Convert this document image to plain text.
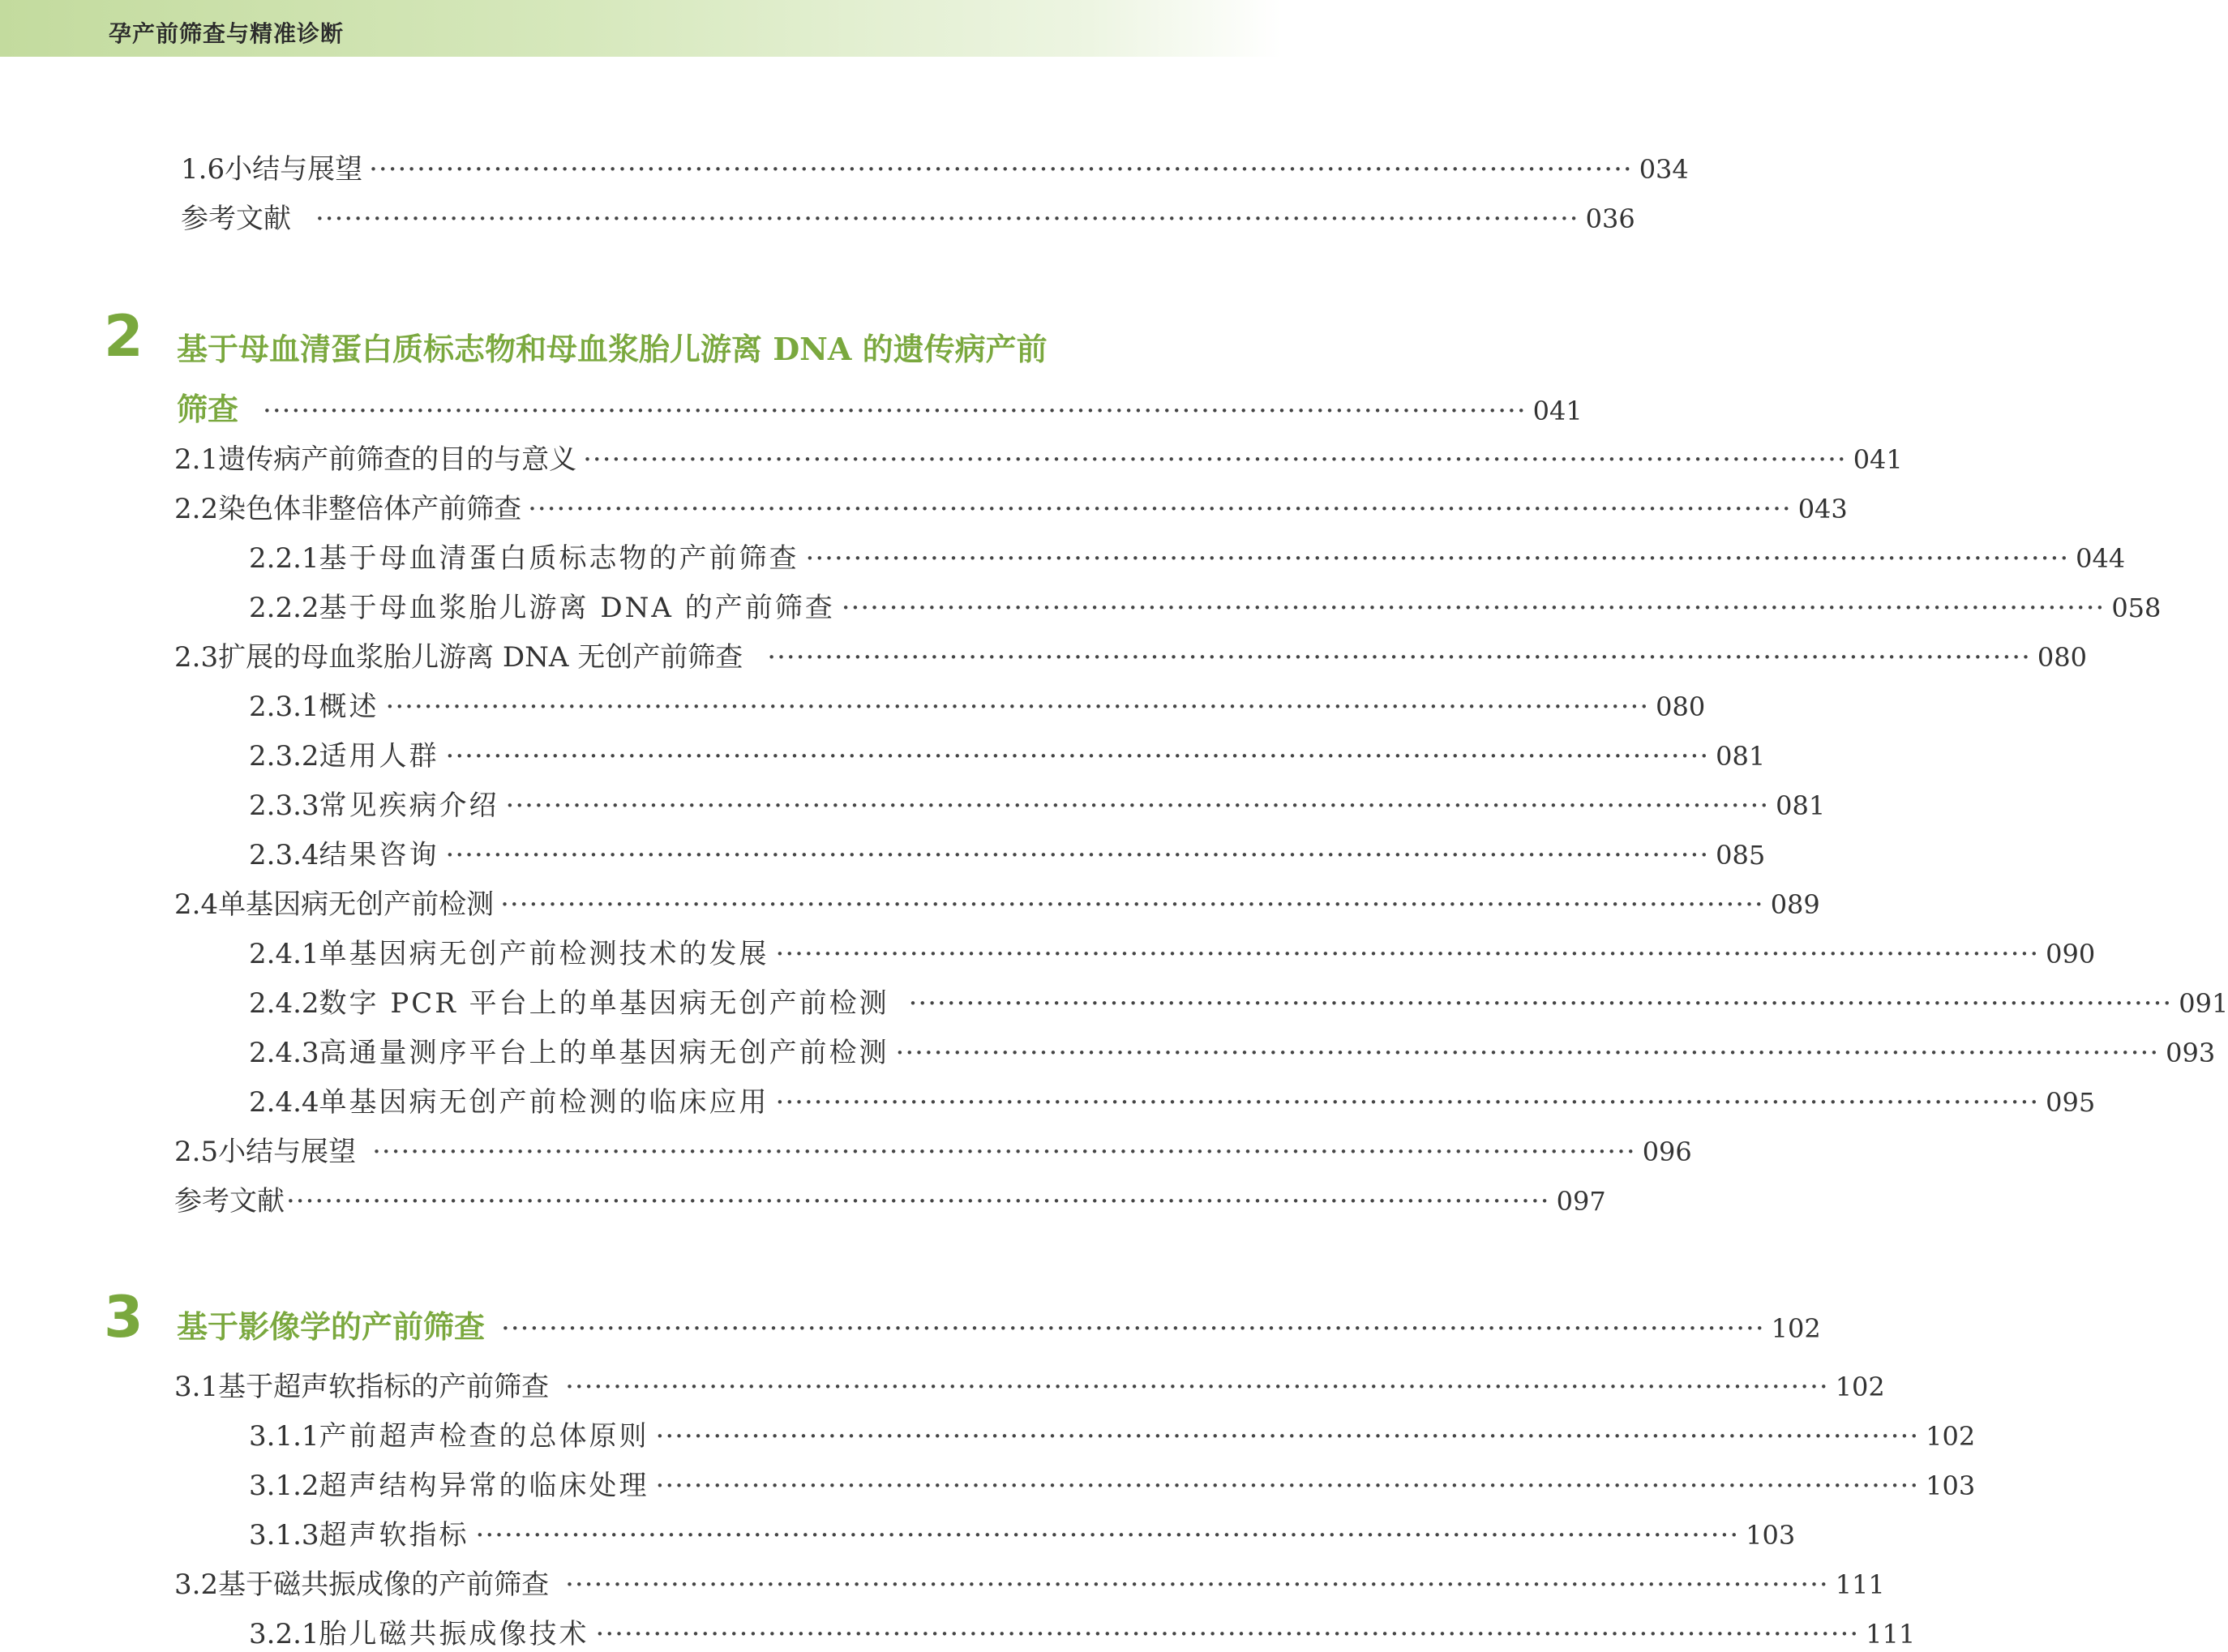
孕产前筛查与精准诊断
1.6 小结与展望 ···································································································································· 034
参考文献 ···································································································································· 036
2 基于母血清蛋白质标志物和母血浆胎儿游离 DNA 的遗传病产前
筛查 ···································································································································· 041
2.1 遗传病产前筛查的目的与意义 ···································································································································· 041
2.2 染色体非整倍体产前筛查 ···································································································································· 043
2.2.1 基于母血清蛋白质标志物的产前筛查 ···································································································································· 044
2.2.2 基于母血浆胎儿游离 DNA 的产前筛查 ···································································································································· 058
2.3 扩展的母血浆胎儿游离 DNA 无创产前筛查 ···································································································································· 080
2.3.1 概述 ···································································································································· 080
2.3.2 适用人群 ···································································································································· 081
2.3.3 常见疾病介绍 ···································································································································· 081
2.3.4 结果咨询 ···································································································································· 085
2.4 单基因病无创产前检测 ···································································································································· 089
2.4.1 单基因病无创产前检测技术的发展 ···································································································································· 090
2.4.2 数字 PCR 平台上的单基因病无创产前检测 ···································································································································· 091
2.4.3 高通量测序平台上的单基因病无创产前检测 ···································································································································· 093
2.4.4 单基因病无创产前检测的临床应用 ···································································································································· 095
2.5 小结与展望 ···································································································································· 096
参考文献 ···································································································································· 097
3 基于影像学的产前筛查 ···································································································································· 102
3.1 基于超声软指标的产前筛查 ···································································································································· 102
3.1.1 产前超声检查的总体原则 ···································································································································· 102
3.1.2 超声结构异常的临床处理 ···································································································································· 103
3.1.3 超声软指标 ···································································································································· 103
3.2 基于磁共振成像的产前筛查 ···································································································································· 111
3.2.1 胎儿磁共振成像技术 ···································································································································· 111
